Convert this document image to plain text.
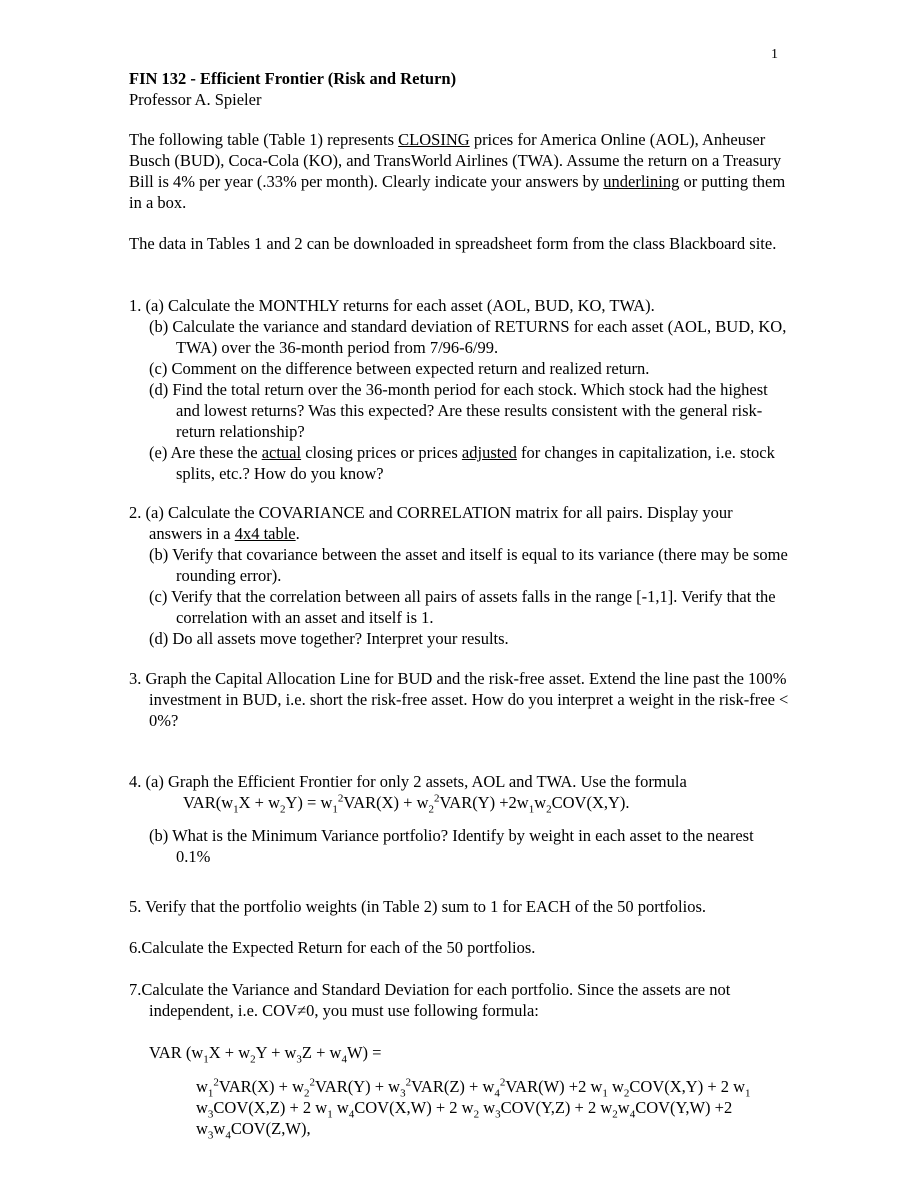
1

FIN 132 - Efficient Frontier (Risk and Return)

Professor A. Spieler

The following table (Table 1) represents CLOSING prices for America Online (AOL), Anheuser Busch (BUD), Coca-Cola (KO), and TransWorld Airlines (TWA). Assume the return on a Treasury Bill is 4% per year (.33% per month). Clearly indicate your answers by underlining or putting them in a box.

The data in Tables 1 and 2 can be downloaded in spreadsheet form from the class Blackboard site.

1. (a) Calculate the MONTHLY returns for each asset (AOL, BUD, KO, TWA).

(b) Calculate the variance and standard deviation of RETURNS for each asset (AOL, BUD, KO, TWA) over the 36-month period from 7/96-6/99.

(c) Comment on the difference between expected return and realized return.

(d) Find the total return over the 36-month period for each stock. Which stock had the highest and lowest returns? Was this expected? Are these results consistent with the general risk-return relationship?

(e) Are these the actual closing prices or prices adjusted for changes in capitalization, i.e. stock splits, etc.? How do you know?

2. (a) Calculate the COVARIANCE and CORRELATION matrix for all pairs. Display your answers in a 4x4 table.

(b) Verify that covariance between the asset and itself is equal to its variance (there may be some rounding error).

(c) Verify that the correlation between all pairs of assets falls in the range [-1,1]. Verify that the correlation with an asset and itself is 1.

(d) Do all assets move together? Interpret your results.

3. Graph the Capital Allocation Line for BUD and the risk-free asset. Extend the line past the 100% investment in BUD, i.e. short the risk-free asset. How do you interpret a weight in the risk-free < 0%?

4. (a) Graph the Efficient Frontier for only 2 assets, AOL and TWA. Use the formula

$VAR(w_1X + w_2Y) = w_1^2VAR(X) + w_2^2VAR(Y) +2w_1w_2COV(X,Y)$.

(b) What is the Minimum Variance portfolio? Identify by weight in each asset to the nearest 0.1%

5. Verify that the portfolio weights (in Table 2) sum to 1 for EACH of the 50 portfolios.

6.Calculate the Expected Return for each of the 50 portfolios.

7.Calculate the Variance and Standard Deviation for each portfolio. Since the assets are not independent, i.e. COV≠0, you must use following formula:

VAR $(w_1X + w_2Y + w_3Z + w_4W)$ =

$w_1^2VAR(X) + w_2^2VAR(Y) + w_3^2VAR(Z) + w_4^2VAR(W) +2$ $w_1$ $w_2COV(X,Y) + 2$ $w_1$ $w_3COV(X,Z) + 2$ $w_1$ $w_4COV(X,W) + 2$ $w_2$ $w_3COV(Y,Z) + 2$ $w_2w_4COV(Y,W) +2$ $w_3w_4COV(Z,W)$,
